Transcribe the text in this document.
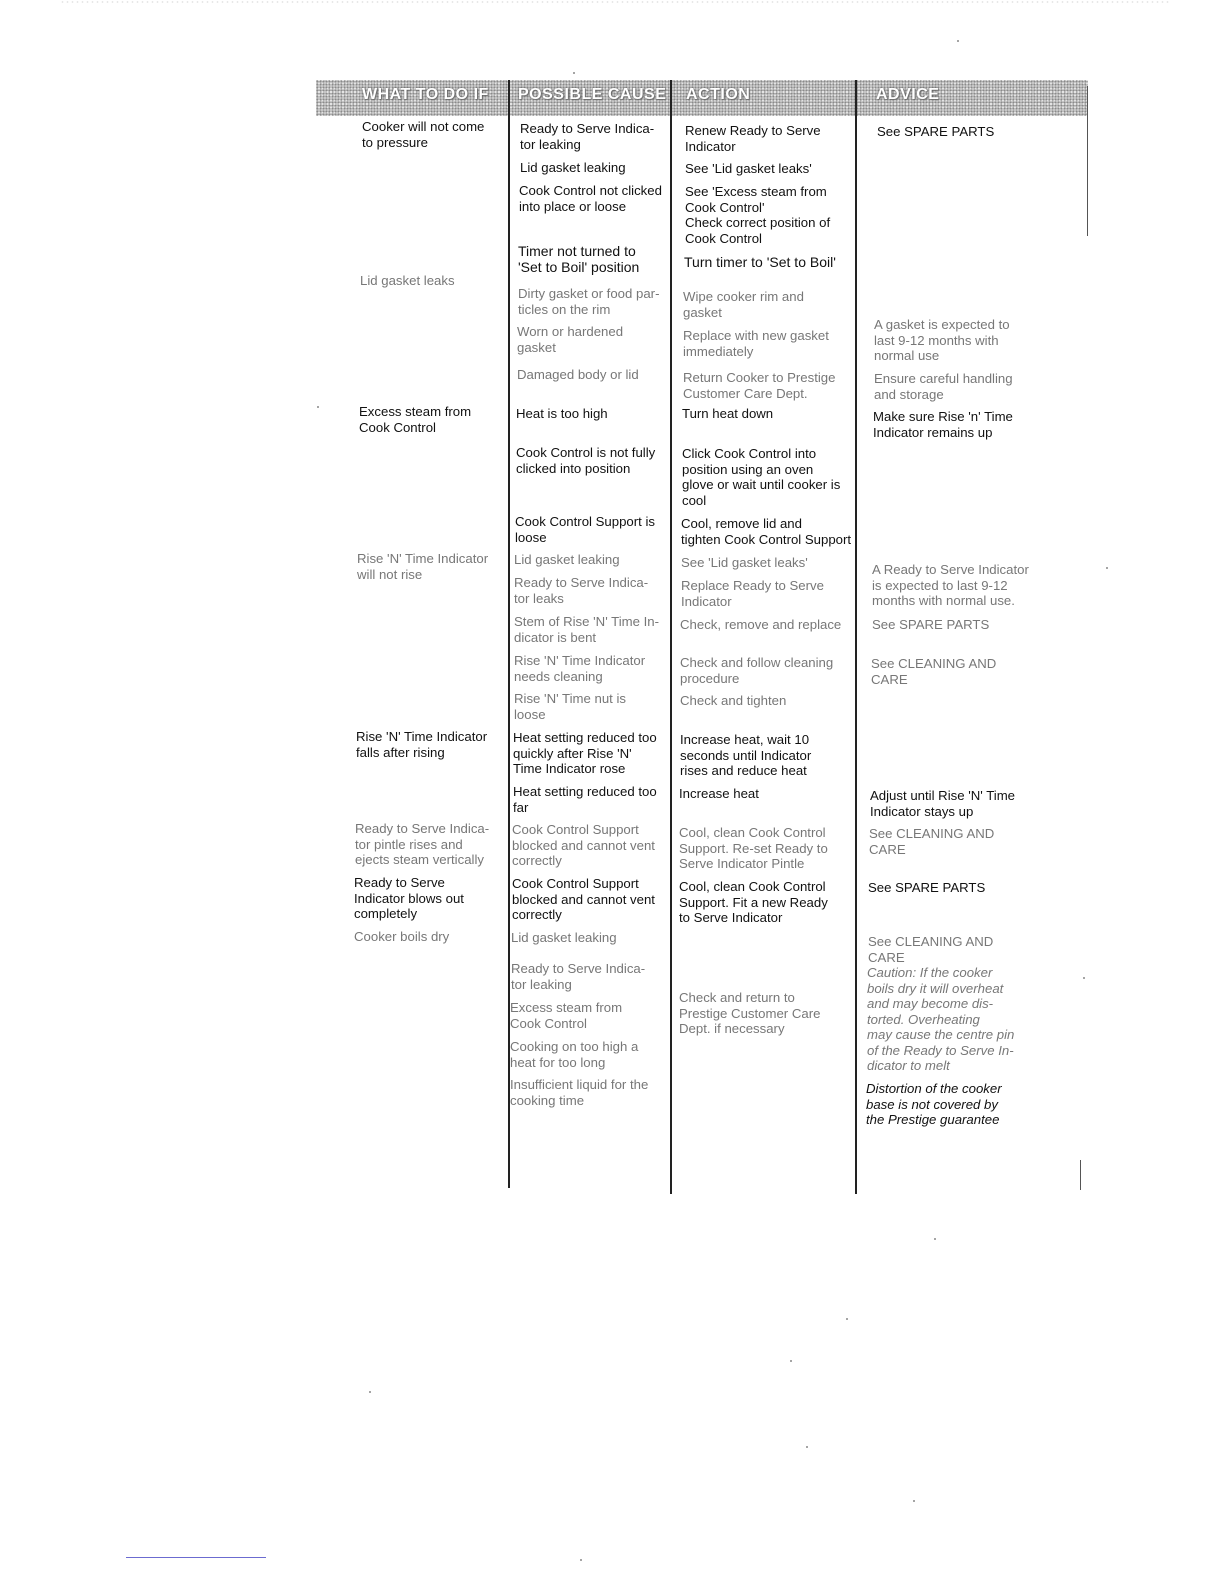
WHAT TO DO IF POSSIBLE CAUSE ACTION	ADVICE
Cooker will not come
to pressure
Lid gasket leaks
Excess steam from
Cook Control
Rise 'N' Time Indicator
will not rise
Rise 'N' Time Indicator
falls after rising
Ready to Serve Indica-
tor pintle rises and
ejects steam vertically
Ready to Serve
Indicator blows out
completely
Cooker boils dry
Ready to Serve Indica-
tor leaking
Lid gasket leaking
Cook Control not clicked
into place or loose
Timer not turned to
'Set to Boil' position
Dirty gasket or food par-
ticles on the rim
Worn or hardened
gasket
Damaged body or lid
Heat is too high
Cook Control is not fully
clicked into position
Cook Control Support is
loose
Lid gasket leaking
Ready to Serve Indica-
tor leaks
Stem of Rise 'N' Time In-
dicator is bent
Rise 'N' Time Indicator
needs cleaning
Rise 'N' Time nut is
loose
Heat setting reduced too
quickly after Rise 'N'
Time Indicator rose
Heat setting reduced too
far
Cook Control Support
blocked and cannot vent
correctly
Cook Control Support
blocked and cannot vent
correctly
Lid gasket leaking
Ready to Serve Indica-
tor leaking
Excess steam from
Cook Control
Cooking on too high a
heat for too long
Insufficient liquid for the
cooking time
Renew Ready to Serve
Indicator
See 'Lid gasket leaks'
See 'Excess steam from
Cook Control'
Check correct position of
Cook Control
Turn timer to 'Set to Boil'
Wipe cooker rim and
gasket
Replace with new gasket
immediately
Return Cooker to Prestige
Customer Care Dept.
Turn heat down
Click Cook Control into
position using an oven
glove or wait until cooker is
cool
Cool, remove lid and
tighten Cook Control Support
See 'Lid gasket leaks'
Replace Ready to Serve
Indicator
Check, remove and replace
Check and follow cleaning
procedure
Check and tighten
Increase heat, wait 10
seconds until Indicator
rises and reduce heat
Increase heat
Cool, clean Cook Control
Support. Re-set Ready to
Serve Indicator Pintle
Cool, clean Cook Control
Support. Fit a new Ready
to Serve Indicator
Check and return to
Prestige Customer Care
Dept. if necessary
See SPARE PARTS
A gasket is expected to
last 9-12 months with
normal use
Ensure careful handling
and storage
Make sure Rise 'n' Time
Indicator remains up
A Ready to Serve Indicator
is expected to last 9-12
months with normal use.
See SPARE PARTS
See CLEANING AND
CARE
Adjust until Rise 'N' Time
Indicator stays up
See CLEANING AND
CARE
See SPARE PARTS
See CLEANING AND
CARE
Caution: If the cooker
boils dry it will overheat
and may become dis-
torted. Overheating
may cause the centre pin
of the Ready to Serve In-
dicator to melt
Distortion of the cooker
base is not covered by
the Prestige guarantee
